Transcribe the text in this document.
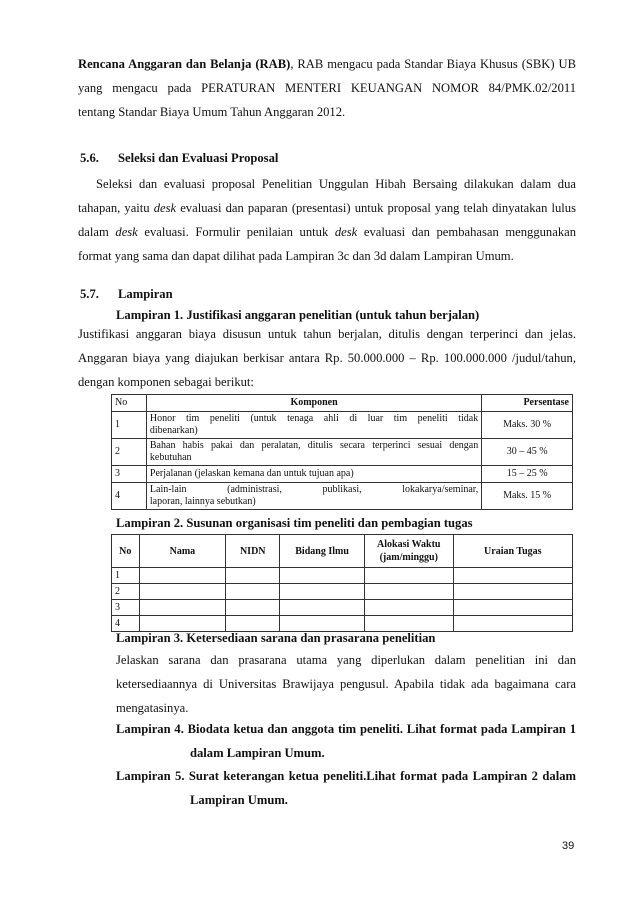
Rencana Anggaran dan Belanja (RAB), RAB mengacu pada Standar Biaya Khusus (SBK) UB
yang mengacu pada PERATURAN MENTERI KEUANGAN NOMOR 84/PMK.02/2011
tentang Standar Biaya Umum Tahun Anggaran 2012.
5.6. Seleksi dan Evaluasi Proposal
Seleksi dan evaluasi proposal Penelitian Unggulan Hibah Bersaing dilakukan dalam dua
tahapan, yaitu desk evaluasi dan paparan (presentasi) untuk proposal yang telah dinyatakan lulus
dalam desk evaluasi. Formulir penilaian untuk desk evaluasi dan pembahasan menggunakan
format yang sama dan dapat dilihat pada Lampiran 3c dan 3d dalam Lampiran Umum.
5.7. Lampiran
Lampiran 1. Justifikasi anggaran penelitian (untuk tahun berjalan)
Justifikasi anggaran biaya disusun untuk tahun berjalan, ditulis dengan terperinci dan jelas.
Anggaran biaya yang diajukan berkisar antara Rp. 50.000.000 – Rp. 100.000.000 /judul/tahun,
dengan komponen sebagai berikut:
No	Komponen	Persentase
1	Honor tim peneliti (untuk tenaga ahli di luar tim peneliti tidak
dibenarkan)	Maks. 30 %
2	Bahan habis pakai dan peralatan, ditulis secara terperinci sesuai dengan
kebutuhan	30 – 45 %
3	Perjalanan (jelaskan kemana dan untuk tujuan apa)	15 – 25 %
4	Lain-lain (administrasi, publikasi, lokakarya/seminar,
laporan, lainnya sebutkan)	Maks. 15 %
Lampiran 2. Susunan organisasi tim peneliti dan pembagian tugas
No	Nama	NIDN	Bidang Ilmu	Alokasi Waktu
(jam/minggu)	Uraian Tugas
1					
2					
3					
4					
Lampiran 3. Ketersediaan sarana dan prasarana penelitian
Jelaskan sarana dan prasarana utama yang diperlukan dalam penelitian ini dan
ketersediaannya di Universitas Brawijaya pengusul. Apabila tidak ada bagaimana cara
mengatasinya.
Lampiran 4. Biodata ketua dan anggota tim peneliti. Lihat format pada Lampiran 1
dalam Lampiran Umum.
Lampiran 5. Surat keterangan ketua peneliti.Lihat format pada Lampiran 2 dalam
Lampiran Umum.
39
